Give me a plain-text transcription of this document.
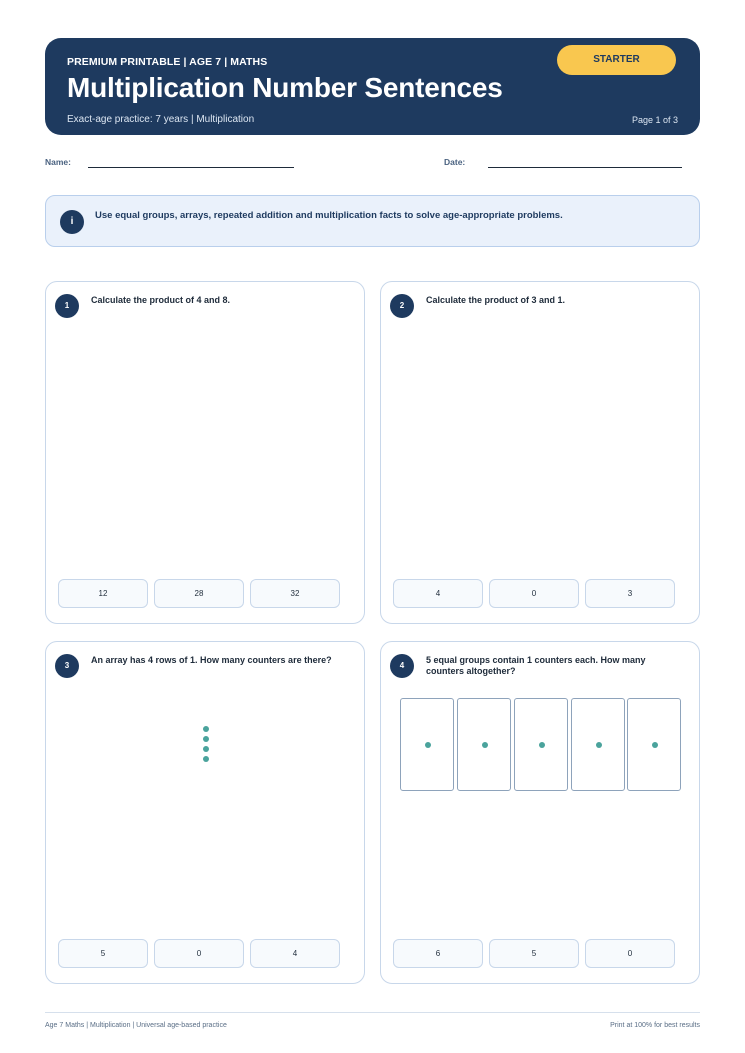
PREMIUM PRINTABLE | AGE 7 | MATHS
Multiplication Number Sentences
Exact-age practice: 7 years | Multiplication	Page 1 of 3
STARTER
Name:	Date:
i
Use equal groups, arrays, repeated addition and multiplication facts to solve age-appropriate problems.
1
Calculate the product of 4 and 8.
12	28	32
2
Calculate the product of 3 and 1.
4	0	3
3
An array has 4 rows of 1. How many counters are there?
5	0	4
4
5 equal groups contain 1 counters each. How many counters altogether?
6	5	0
Age 7 Maths | Multiplication | Universal age-based practice	Print at 100% for best results
